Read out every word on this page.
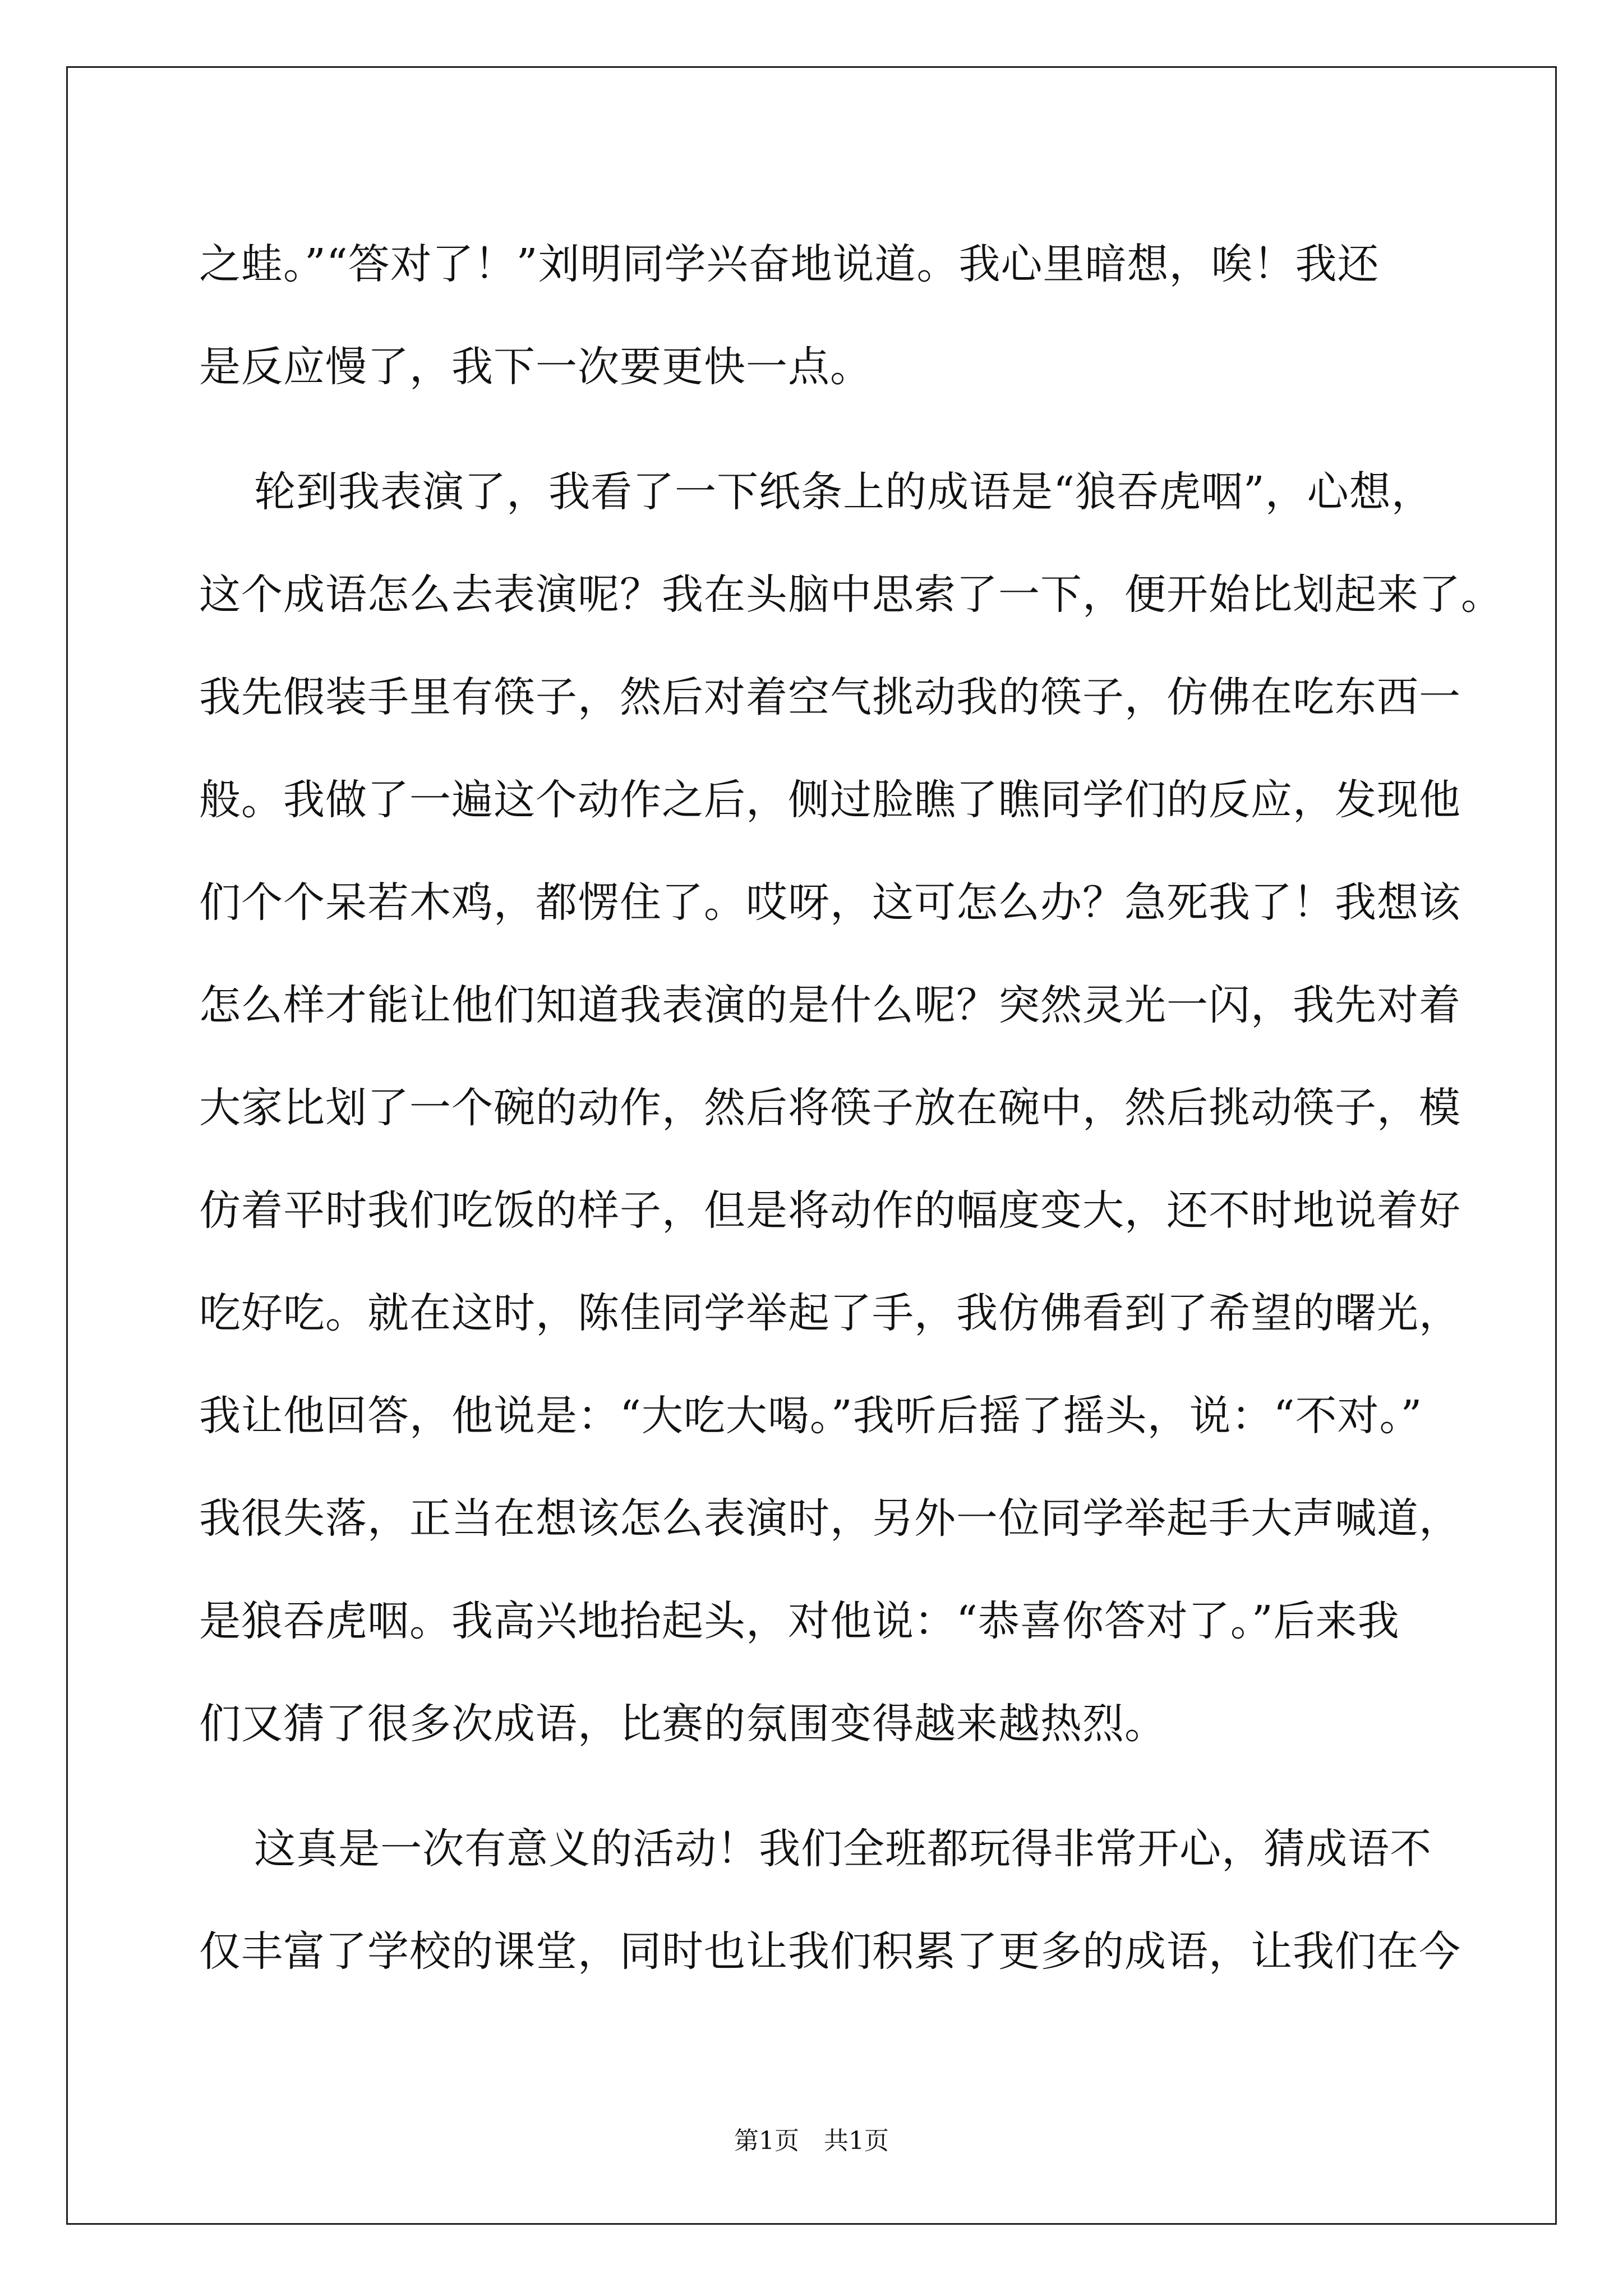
之蛙。”“答对了！”刘明同学兴奋地说道。我心里暗想，唉！我还
是反应慢了，我下一次要更快一点。
轮到我表演了，我看了一下纸条上的成语是“狼吞虎咽”，心想，
这个成语怎么去表演呢？我在头脑中思索了一下，便开始比划起来了。
我先假装手里有筷子，然后对着空气挑动我的筷子，仿佛在吃东西一
般。我做了一遍这个动作之后，侧过脸瞧了瞧同学们的反应，发现他
们个个呆若木鸡，都愣住了。哎呀，这可怎么办？急死我了！我想该
怎么样才能让他们知道我表演的是什么呢？突然灵光一闪，我先对着
大家比划了一个碗的动作，然后将筷子放在碗中，然后挑动筷子，模
仿着平时我们吃饭的样子，但是将动作的幅度变大，还不时地说着好
吃好吃。就在这时，陈佳同学举起了手，我仿佛看到了希望的曙光，
我让他回答，他说是：“大吃大喝。”我听后摇了摇头，说：“不对。”
我很失落，正当在想该怎么表演时，另外一位同学举起手大声喊道，
是狼吞虎咽。我高兴地抬起头，对他说：“恭喜你答对了。”后来我
们又猜了很多次成语，比赛的氛围变得越来越热烈。
这真是一次有意义的活动！我们全班都玩得非常开心，猜成语不
仅丰富了学校的课堂，同时也让我们积累了更多的成语，让我们在今
第1页　共1页
